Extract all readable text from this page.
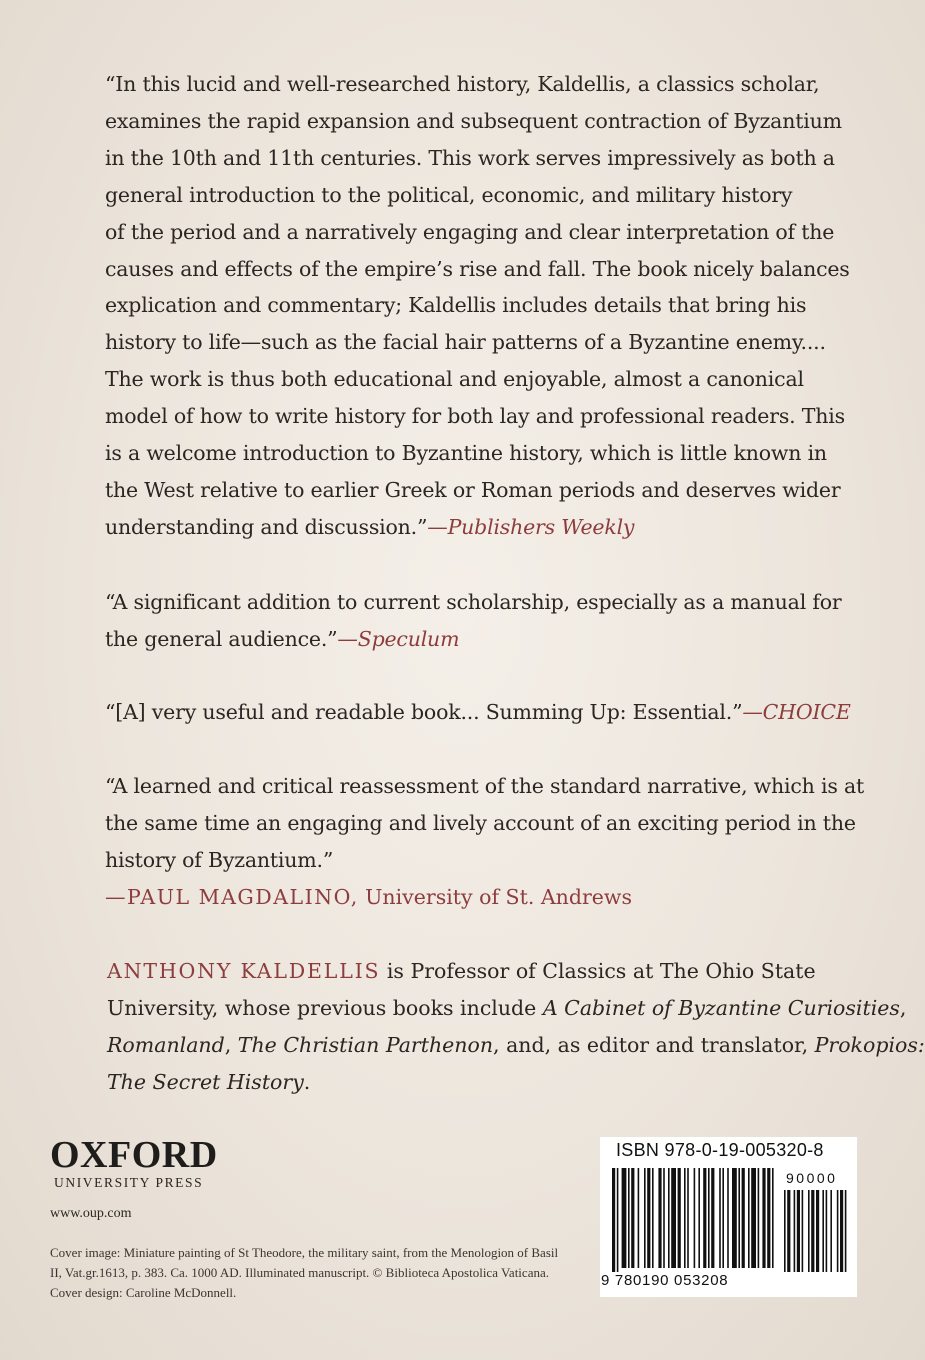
“In this lucid and well-researched history, Kaldellis, a classics scholar,
examines the rapid expansion and subsequent contraction of Byzantium
in the 10th and 11th centuries. This work serves impressively as both a
general introduction to the political, economic, and military history
of the period and a narratively engaging and clear interpretation of the
causes and effects of the empire’s rise and fall. The book nicely balances
explication and commentary; Kaldellis includes details that bring his
history to life—such as the facial hair patterns of a Byzantine enemy....
The work is thus both educational and enjoyable, almost a canonical
model of how to write history for both lay and professional readers. This
is a welcome introduction to Byzantine history, which is little known in
the West relative to earlier Greek or Roman periods and deserves wider
understanding and discussion.”—Publishers Weekly
“A significant addition to current scholarship, especially as a manual for
the general audience.”—Speculum
“[A] very useful and readable book... Summing Up: Essential.”—CHOICE
“A learned and critical reassessment of the standard narrative, which is at
the same time an engaging and lively account of an exciting period in the
history of Byzantium.”
—PAUL MAGDALINO, University of St. Andrews
ANTHONY KALDELLIS is Professor of Classics at The Ohio State
University, whose previous books include A Cabinet of Byzantine Curiosities,
Romanland, The Christian Parthenon, and, as editor and translator, Prokopios:
The Secret History.
OXFORD
UNIVERSITY PRESS
www.oup.com
Cover image: Miniature painting of St Theodore, the military saint, from the Menologion of Basil II, Vat.gr.1613, p. 383. Ca. 1000 AD. Illuminated manuscript. © Biblioteca Apostolica Vaticana. Cover design: Caroline McDonnell.
ISBN 978-0-19-005320-8
9 780190 053208
90000
